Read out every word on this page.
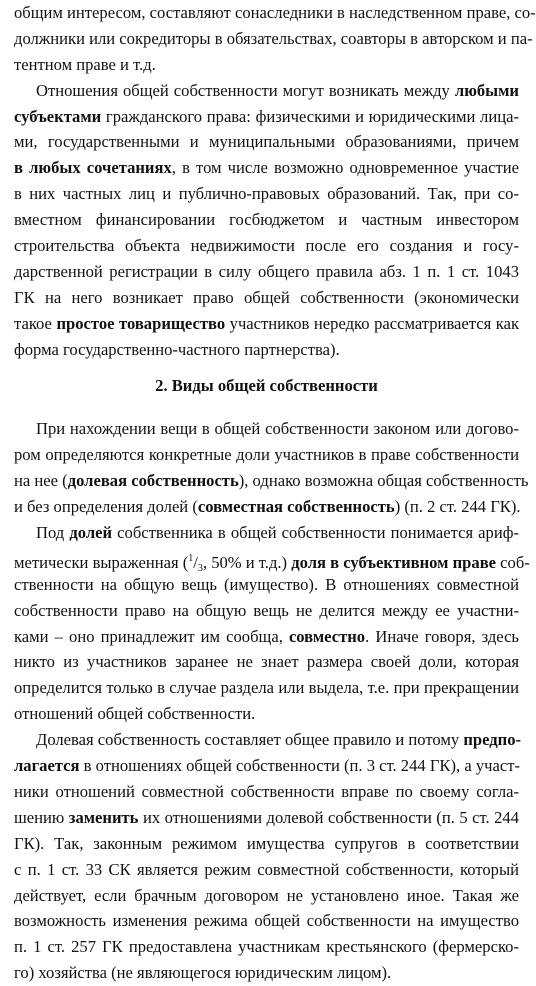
общим интересом, составляют сонаследники в наследственном праве, со-
должники или сокредиторы в обязательствах, соавторы в авторском и па-
тентном праве и т.д.
Отношения общей собственности могут возникать между любыми
субъектами гражданского права: физическими и юридическими лица-
ми, государственными и муниципальными образованиями, причем
в любых сочетаниях, в том числе возможно одновременное участие
в них частных лиц и публично-правовых образований. Так, при со-
вместном финансировании госбюджетом и частным инвестором
строительства объекта недвижимости после его создания и госу-
дарственной регистрации в силу общего правила абз. 1 п. 1 ст. 1043
ГК на него возникает право общей собственности (экономически
такое простое товарищество участников нередко рассматривается как
форма государственно-частного партнерства).
2. Виды общей собственности
При нахождении вещи в общей собственности законом или догово-
ром определяются конкретные доли участников в праве собственности
на нее (долевая собственность), однако возможна общая собственность
и без определения долей (совместная собственность) (п. 2 ст. 244 ГК).
Под долей собственника в общей собственности понимается ариф-
метически выраженная ($^1/_3$, 50% и т.д.) доля в субъективном праве соб-
ственности на общую вещь (имущество). В отношениях совместной
собственности право на общую вещь не делится между ее участни-
ками – оно принадлежит им сообща, совместно. Иначе говоря, здесь
никто из участников заранее не знает размера своей доли, которая
определится только в случае раздела или выдела, т.е. при прекращении
отношений общей собственности.
Долевая собственность составляет общее правило и потому предпо-
лагается в отношениях общей собственности (п. 3 ст. 244 ГК), а участ-
ники отношений совместной собственности вправе по своему согла-
шению заменить их отношениями долевой собственности (п. 5 ст. 244
ГК). Так, законным режимом имущества супругов в соответствии
с п. 1 ст. 33 СК является режим совместной собственности, который
действует, если брачным договором не установлено иное. Такая же
возможность изменения режима общей собственности на имущество
п. 1 ст. 257 ГК предоставлена участникам крестьянского (фермерско-
го) хозяйства (не являющегося юридическим лицом).
